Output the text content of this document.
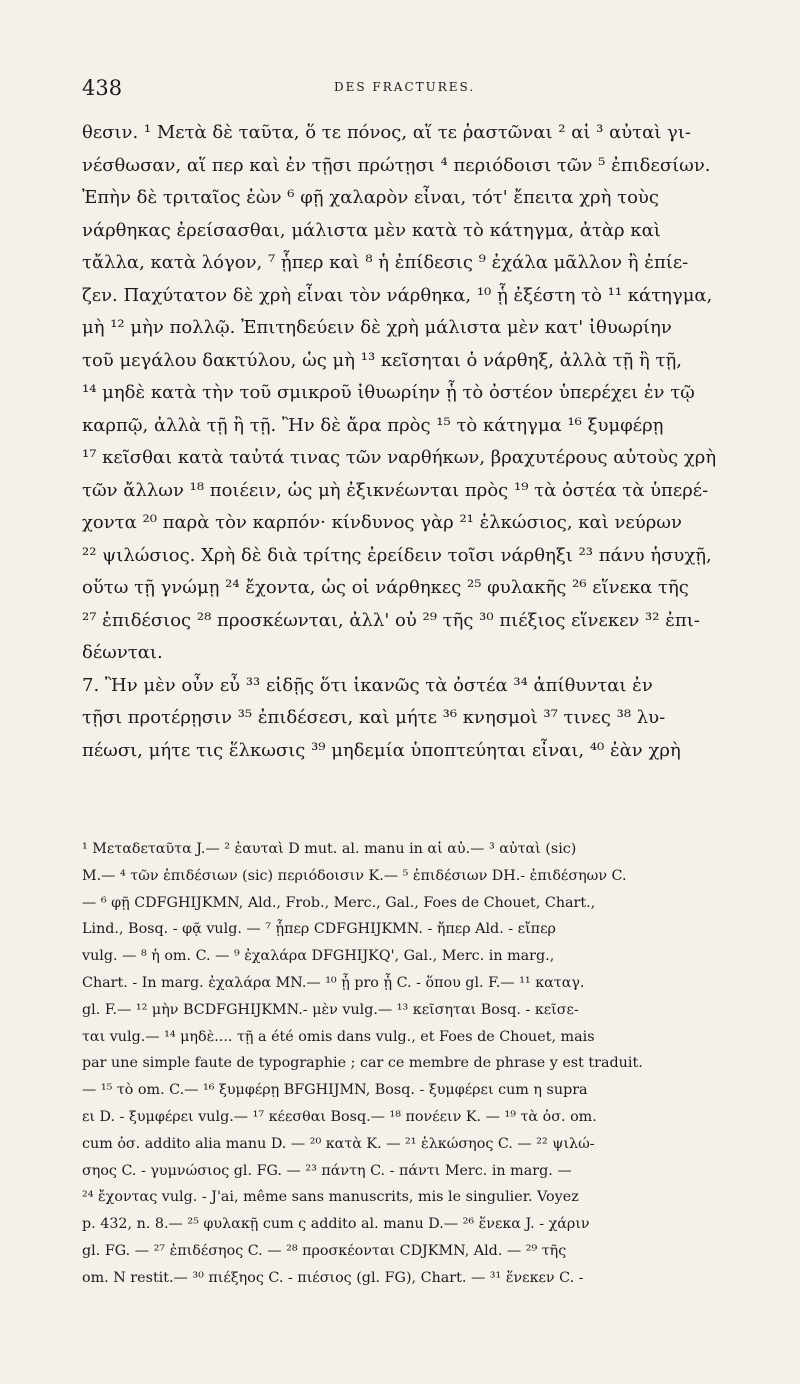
438	DES FRACTURES.
θεσιν. ¹ Μετὰ δὲ ταῦτα, ὅ τε πόνος, αἵ τε ῥαστῶναι ² αἱ ³ αὐταὶ γι-
νέσθωσαν, αἵ περ καὶ ἐν τῇσι πρώτῃσι ⁴ περιόδοισι τῶν ⁵ ἐπιδεσίων.
Ἐπὴν δὲ τριταῖος ἐὼν ⁶ φῇ χαλαρὸν εἶναι, τότ' ἔπειτα χρὴ τοὺς
νάρθηκας ἐρείσασθαι, μάλιστα μὲν κατὰ τὸ κάτηγμα, ἀτὰρ καὶ
τἄλλα, κατὰ λόγον, ⁷ ᾗπερ καὶ ⁸ ἡ ἐπίδεσις ⁹ ἐχάλα μᾶλλον ἢ ἐπίε-
ζεν. Παχύτατον δὲ χρὴ εἶναι τὸν νάρθηκα, ¹⁰ ᾗ ἐξέστη τὸ ¹¹ κάτηγμα,
μὴ ¹² μὴν πολλῷ. Ἐπιτηδεύειν δὲ χρὴ μάλιστα μὲν κατ' ἰθυωρίην
τοῦ μεγάλου δακτύλου, ὡς μὴ ¹³ κεῖσηται ὁ νάρθηξ, ἀλλὰ τῇ ἢ τῇ,
¹⁴ μηδὲ κατὰ τὴν τοῦ σμικροῦ ἰθυωρίην ᾗ τὸ ὀστέον ὑπερέχει ἐν τῷ
καρπῷ, ἀλλὰ τῇ ἢ τῇ. Ἢν δὲ ἄρα πρὸς ¹⁵ τὸ κάτηγμα ¹⁶ ξυμφέρῃ
¹⁷ κεῖσθαι κατὰ ταὐτά τινας τῶν ναρθήκων, βραχυτέρους αὐτοὺς χρὴ
τῶν ἄλλων ¹⁸ ποιέειν, ὡς μὴ ἐξικνέωνται πρὸς ¹⁹ τὰ ὀστέα τὰ ὑπερέ-
χοντα ²⁰ παρὰ τὸν καρπόν· κίνδυνος γὰρ ²¹ ἑλκώσιος, καὶ νεύρων
²² ψιλώσιος. Χρὴ δὲ διὰ τρίτης ἐρείδειν τοῖσι νάρθηξι ²³ πάνυ ἡσυχῇ,
οὕτω τῇ γνώμῃ ²⁴ ἔχοντα, ὡς οἱ νάρθηκες ²⁵ φυλακῆς ²⁶ εἵνεκα τῆς
²⁷ ἐπιδέσιος ²⁸ προσκέωνται, ἀλλ' οὐ ²⁹ τῆς ³⁰ πιέξιος εἵνεκεν ³² ἐπι-
δέωνται.
7. Ἢν μὲν οὖν εὖ ³³ εἰδῇς ὅτι ἱκανῶς τὰ ὀστέα ³⁴ ἀπίθυνται ἐν
τῇσι προτέρῃσιν ³⁵ ἐπιδέσεσι, καὶ μήτε ³⁶ κνησμοὶ ³⁷ τινες ³⁸ λυ-
πέωσι, μήτε τις ἕλκωσις ³⁹ μηδεμία ὑποπτεύηται εἶναι, ⁴⁰ ἐὰν χρὴ
¹ Μεταδεταῦτα J.— ² ἑαυταὶ D mut. al. manu in αἱ αὐ.— ³ αὐταὶ (sic)
M.— ⁴ τῶν ἐπιδέσιων (sic) περιόδοισιν K.— ⁵ ἐπιδέσιων DH.- ἐπιδέσηων C.
— ⁶ φῇ CDFGHIJKMN, Ald., Frob., Merc., Gal., Foes de Chouet, Chart.,
Lind., Bosq. - φᾷ vulg. — ⁷ ᾗπερ CDFGHIJKMN. - ἤπερ Ald. - εἴπερ
vulg. — ⁸ ἡ om. C. — ⁹ ἐχαλάρα DFGHIJKQ', Gal., Merc. in marg.,
Chart. - In marg. ἐχαλάρα MN.— ¹⁰ ᾗ pro ᾗ C. - ὅπου gl. F.— ¹¹ καταγ.
gl. F.— ¹² μὴν BCDFGHIJKMN.- μὲν vulg.— ¹³ κεῖσηται Bosq. - κεῖσε-
ται vulg.— ¹⁴ μηδὲ.... τῇ a été omis dans vulg., et Foes de Chouet, mais
par une simple faute de typographie ; car ce membre de phrase y est traduit.
— ¹⁵ τὸ om. C.— ¹⁶ ξυμφέρῃ BFGHIJMN, Bosq. - ξυμφέρει cum η supra
ει D. - ξυμφέρει vulg.— ¹⁷ κέεσθαι Bosq.— ¹⁸ πονέειν K. — ¹⁹ τὰ ὀσ. om.
cum ὀσ. addito alia manu D. — ²⁰ κατὰ K. — ²¹ ἑλκώσηος C. — ²² ψιλώ-
σηος C. - γυμνώσιος gl. FG. — ²³ πάντη C. - πάντι Merc. in marg. —
²⁴ ἔχοντας vulg. - J'ai, même sans manuscrits, mis le singulier. Voyez
p. 432, n. 8.— ²⁵ φυλακῇ cum ς addito al. manu D.— ²⁶ ἕνεκα J. - χάριν
gl. FG. — ²⁷ ἐπιδέσηος C. — ²⁸ προσκέονται CDJKMN, Ald. — ²⁹ τῆς
om. N restit.— ³⁰ πιέξηος C. - πιέσιος (gl. FG), Chart. — ³¹ ἕνεκεν C. -
